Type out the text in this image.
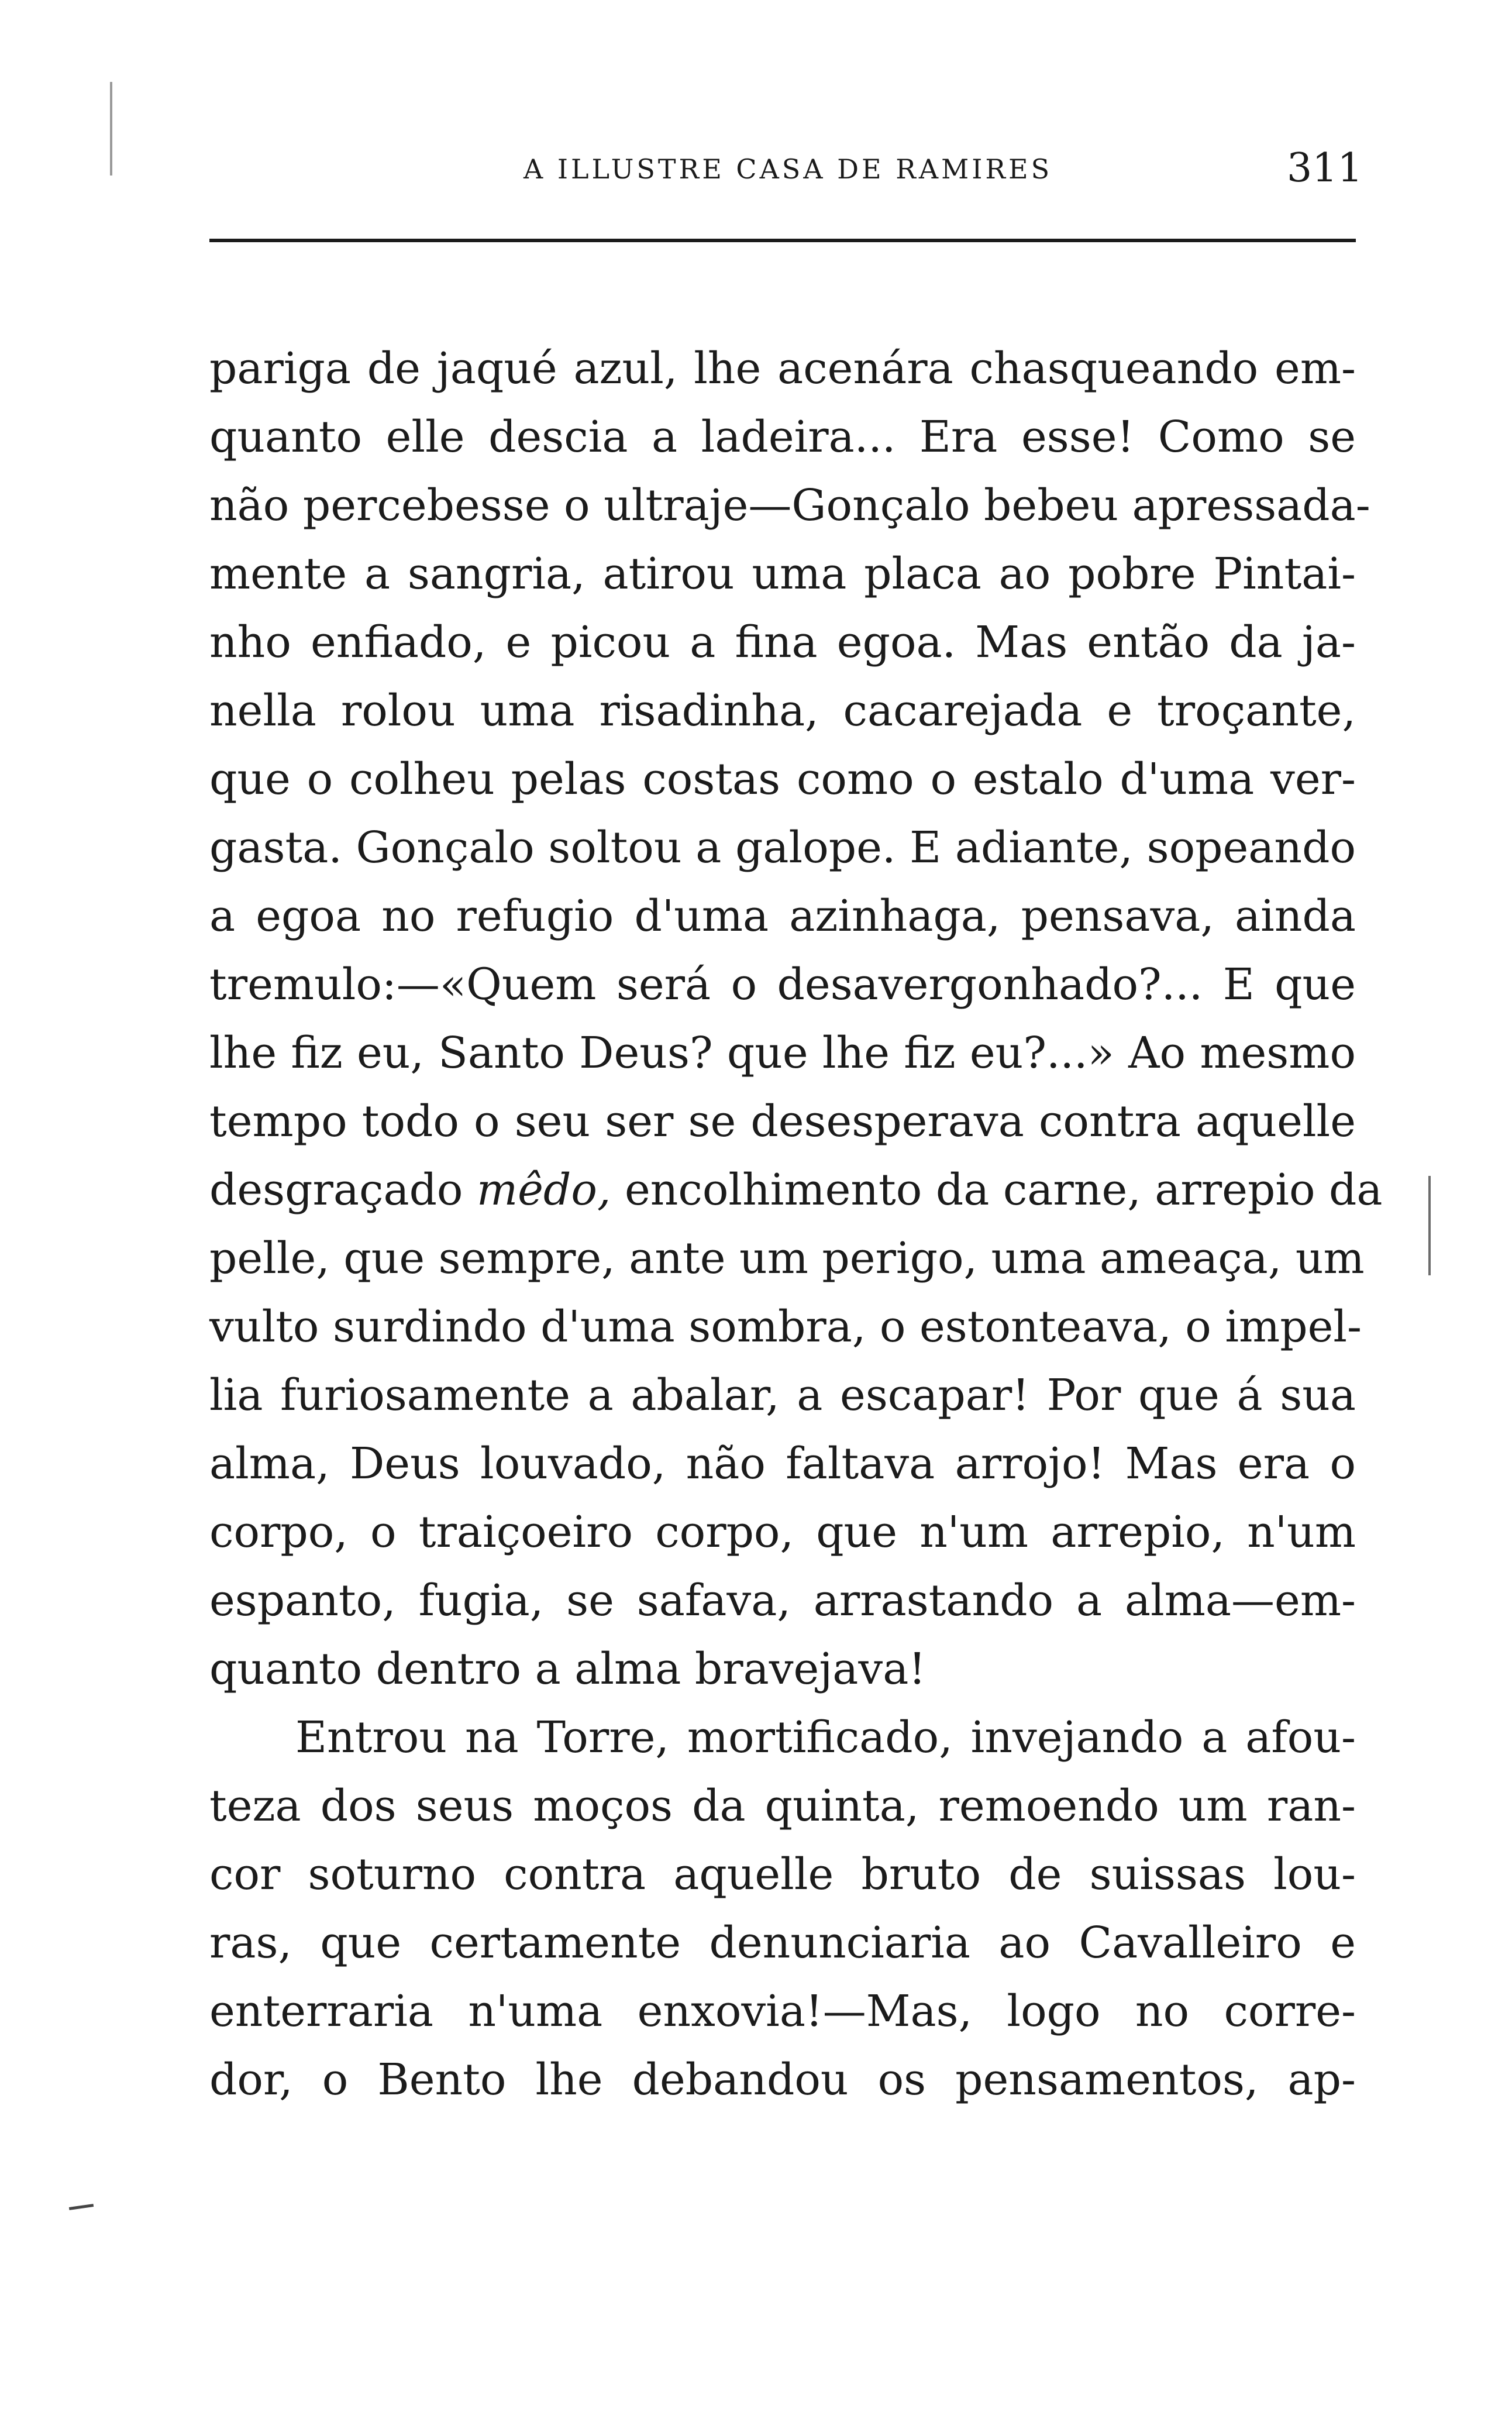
A ILLUSTRE CASA DE RAMIRES	311
pariga de jaqué azul, lhe acenára chasqueando em-
quanto elle descia a ladeira... Era esse! Como se
não percebesse o ultraje—Gonçalo bebeu apressada-
mente a sangria, atirou uma placa ao pobre Pintai-
nho enfiado, e picou a fina egoa. Mas então da ja-
nella rolou uma risadinha, cacarejada e troçante,
que o colheu pelas costas como o estalo d'uma ver-
gasta. Gonçalo soltou a galope. E adiante, sopeando
a egoa no refugio d'uma azinhaga, pensava, ainda
tremulo:—«Quem será o desavergonhado?... E que
lhe fiz eu, Santo Deus? que lhe fiz eu?...» Ao mesmo
tempo todo o seu ser se desesperava contra aquelle
desgraçado mêdo, encolhimento da carne, arrepio da
pelle, que sempre, ante um perigo, uma ameaça, um
vulto surdindo d'uma sombra, o estonteava, o impel-
lia furiosamente a abalar, a escapar! Por que á sua
alma, Deus louvado, não faltava arrojo! Mas era o
corpo, o traiçoeiro corpo, que n'um arrepio, n'um
espanto, fugia, se safava, arrastando a alma—em-
quanto dentro a alma bravejava!
Entrou na Torre, mortificado, invejando a afou-
teza dos seus moços da quinta, remoendo um ran-
cor soturno contra aquelle bruto de suissas lou-
ras, que certamente denunciaria ao Cavalleiro e
enterraria n'uma enxovia!—Mas, logo no corre-
dor, o Bento lhe debandou os pensamentos, ap-
